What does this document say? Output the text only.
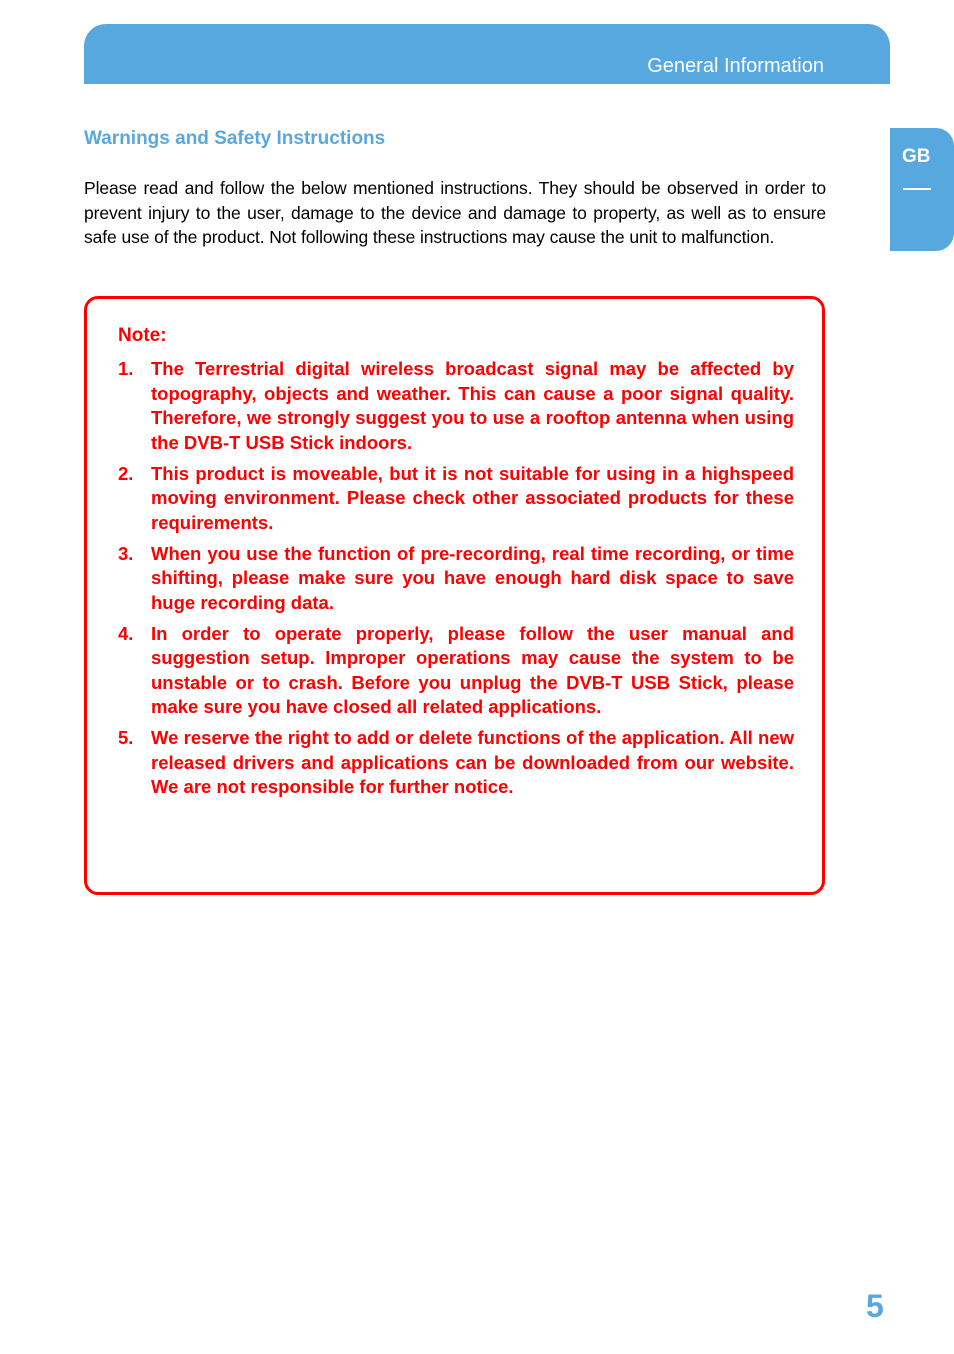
General Information
GB
Warnings and Safety Instructions

Please read and follow the below mentioned instructions. They should be observed in order to prevent injury to the user, damage to the device and damage to property, as well as to ensure safe use of the product. Not following these instructions may cause the unit to malfunction.

Note:
1. The Terrestrial digital wireless broadcast signal may be affected by topography, objects and weather. This can cause a poor signal quality. Therefore, we strongly suggest you to use a rooftop antenna when using the DVB-T USB Stick indoors.
2. This product is moveable, but it is not suitable for using in a highspeed moving environment. Please check other associated products for these requirements.
3. When you use the function of pre-recording, real time recording, or time shifting, please make sure you have enough hard disk space to save huge recording data.
4. In order to operate properly, please follow the user manual and suggestion setup. Improper operations may cause the system to be unstable or to crash. Before you unplug the DVB-T USB Stick, please make sure you have closed all related applications.
5. We reserve the right to add or delete functions of the application. All new released drivers and applications can be downloaded from our website. We are not responsible for further notice.
5
